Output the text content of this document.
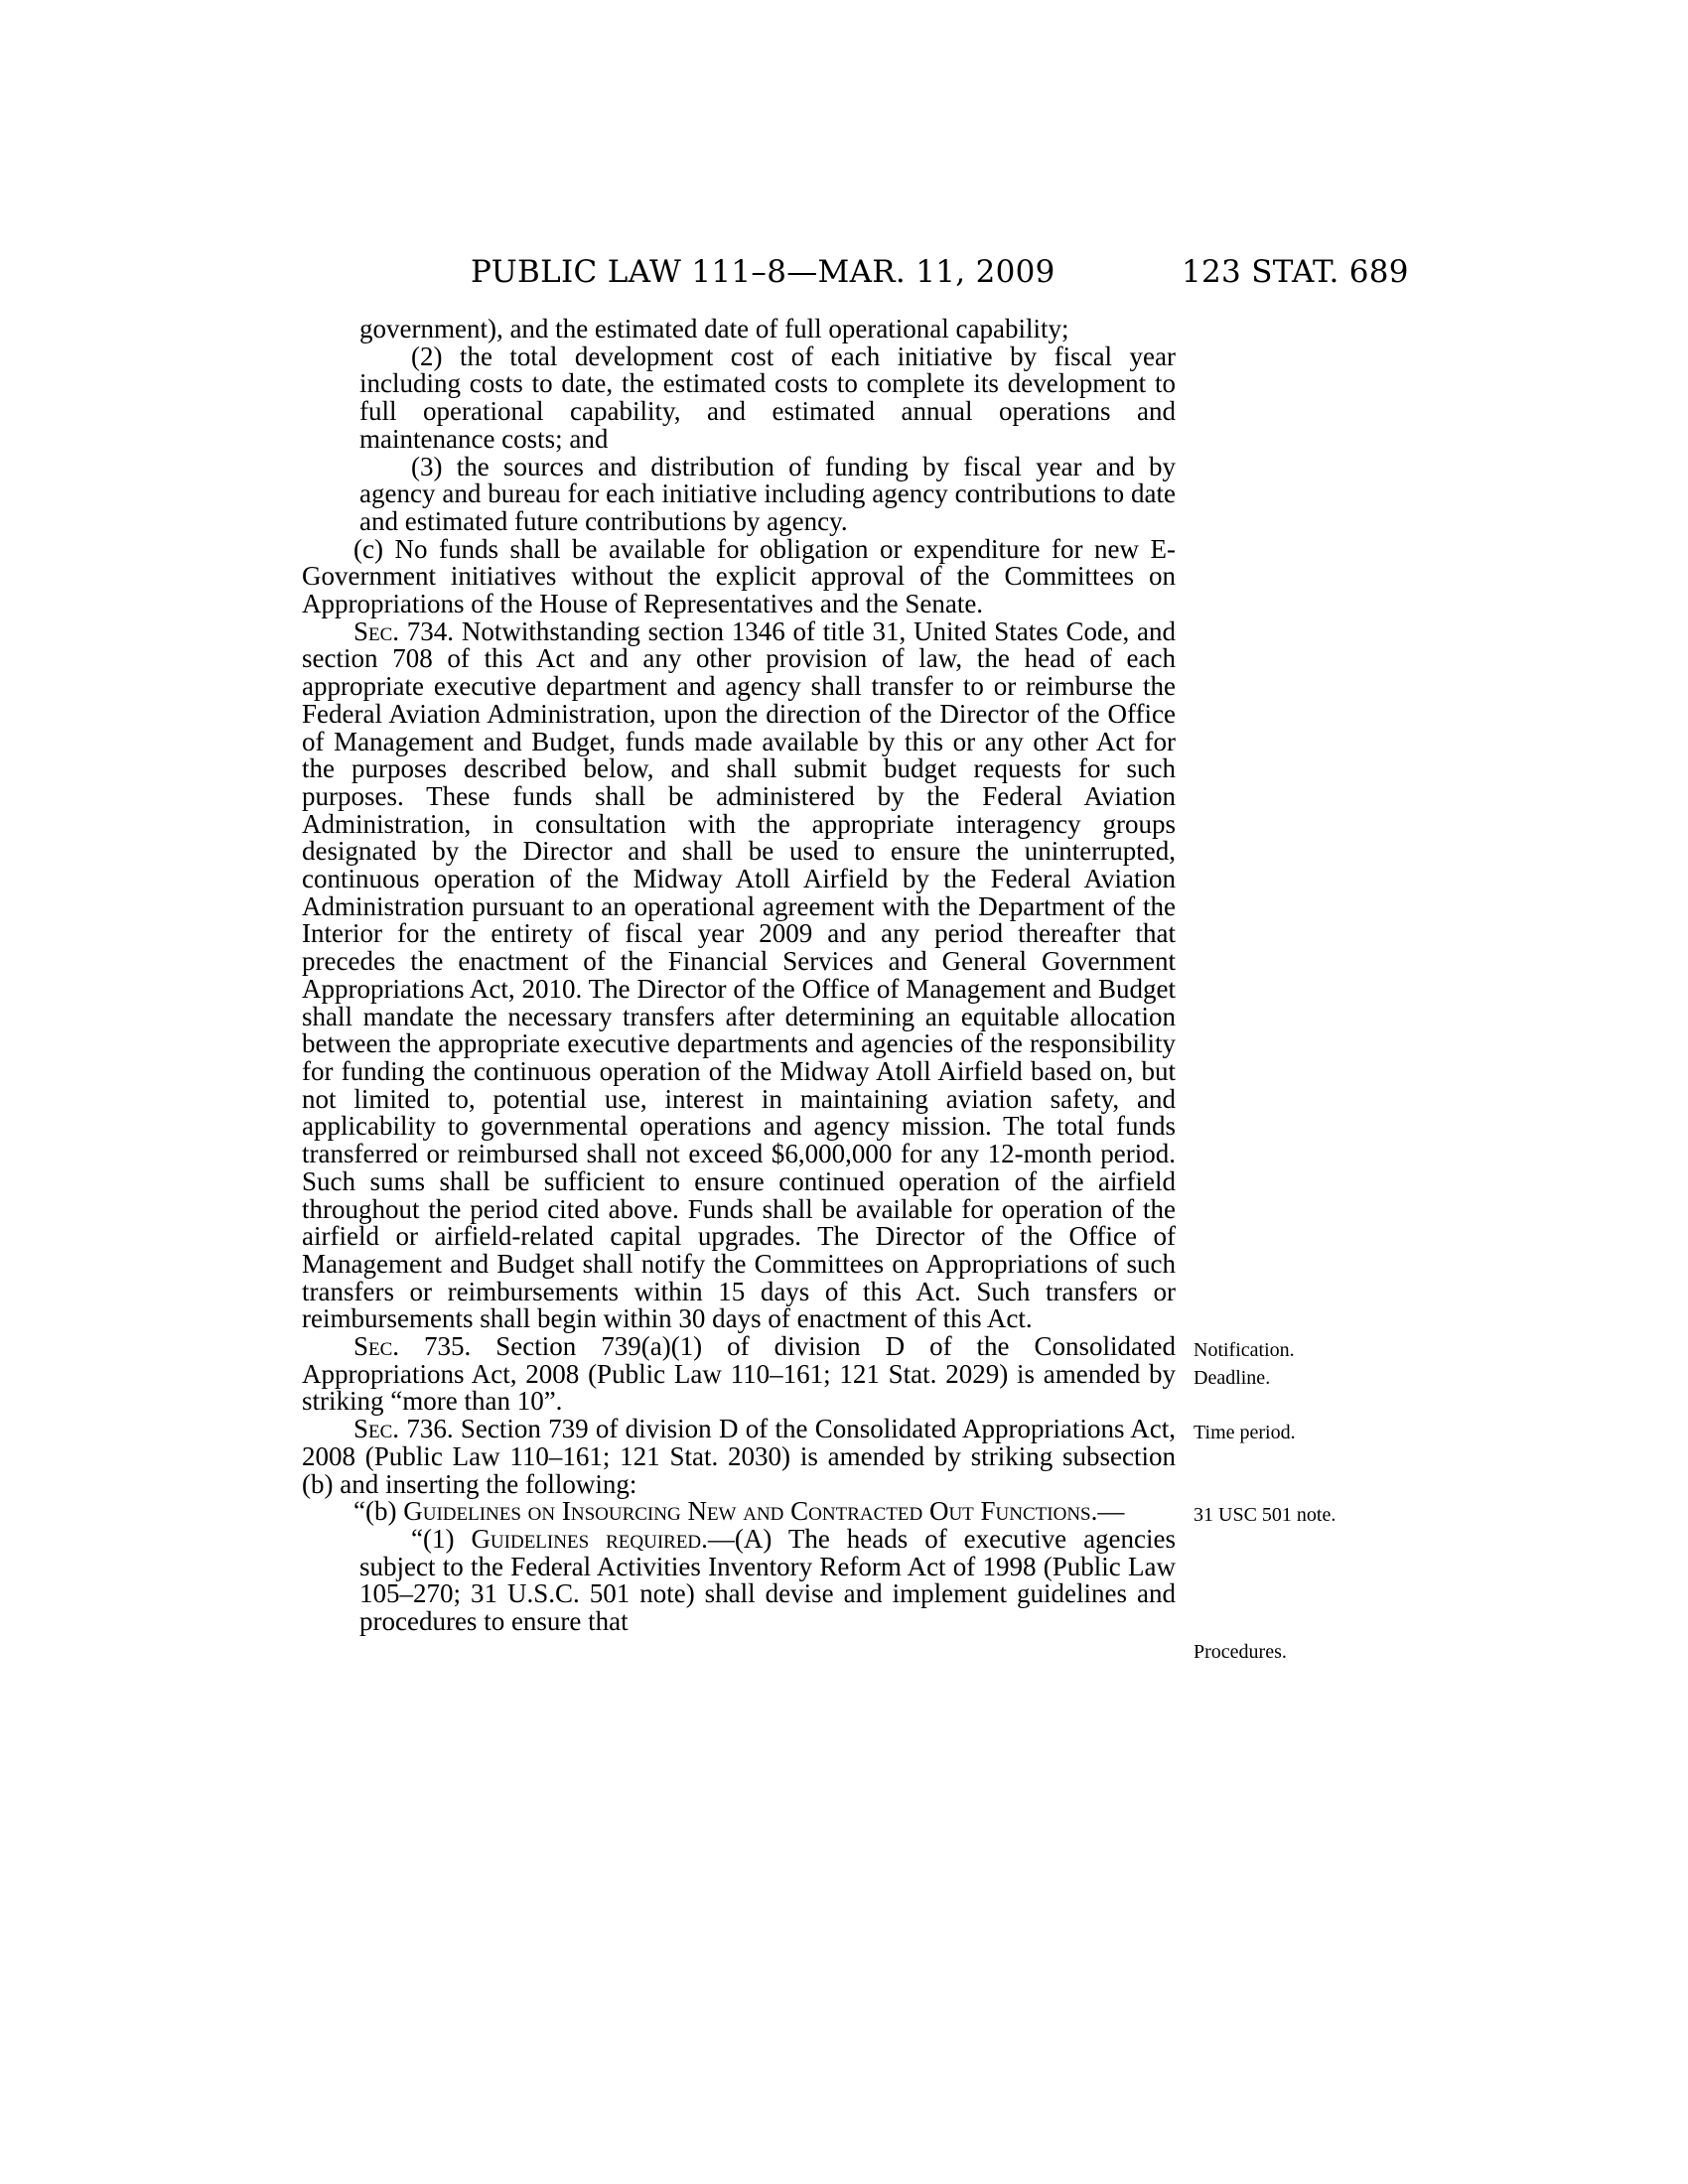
PUBLIC LAW 111–8—MAR. 11, 2009	123 STAT. 689

government), and the estimated date of full operational capability;

(2) the total development cost of each initiative by fiscal year including costs to date, the estimated costs to complete its development to full operational capability, and estimated annual operations and maintenance costs; and

(3) the sources and distribution of funding by fiscal year and by agency and bureau for each initiative including agency contributions to date and estimated future contributions by agency.

(c) No funds shall be available for obligation or expenditure for new E-Government initiatives without the explicit approval of the Committees on Appropriations of the House of Representatives and the Senate.

Sec. 734. Notwithstanding section 1346 of title 31, United States Code, and section 708 of this Act and any other provision of law, the head of each appropriate executive department and agency shall transfer to or reimburse the Federal Aviation Administration, upon the direction of the Director of the Office of Management and Budget, funds made available by this or any other Act for the purposes described below, and shall submit budget requests for such purposes. These funds shall be administered by the Federal Aviation Administration, in consultation with the appropriate interagency groups designated by the Director and shall be used to ensure the uninterrupted, continuous operation of the Midway Atoll Airfield by the Federal Aviation Administration pursuant to an operational agreement with the Department of the Interior for the entirety of fiscal year 2009 and any period thereafter that precedes the enactment of the Financial Services and General Government Appropriations Act, 2010. The Director of the Office of Management and Budget shall mandate the necessary transfers after determining an equitable allocation between the appropriate executive departments and agencies of the responsibility for funding the continuous operation of the Midway Atoll Airfield based on, but not limited to, potential use, interest in maintaining aviation safety, and applicability to governmental operations and agency mission. The total funds transferred or reimbursed shall not exceed $6,000,000 for any 12-month period. Such sums shall be sufficient to ensure continued operation of the airfield throughout the period cited above. Funds shall be available for operation of the airfield or airfield-related capital upgrades. The Director of the Office of Management and Budget shall notify the Committees on Appropriations of such transfers or reimbursements within 15 days of this Act. Such transfers or reimbursements shall begin within 30 days of enactment of this Act.

Sec. 735. Section 739(a)(1) of division D of the Consolidated Appropriations Act, 2008 (Public Law 110–161; 121 Stat. 2029) is amended by striking “more than 10”.

Sec. 736. Section 739 of division D of the Consolidated Appropriations Act, 2008 (Public Law 110–161; 121 Stat. 2030) is amended by striking subsection (b) and inserting the following:

“(b) Guidelines on Insourcing New and Contracted Out Functions.—

“(1) Guidelines required.—(A) The heads of executive agencies subject to the Federal Activities Inventory Reform Act of 1998 (Public Law 105–270; 31 U.S.C. 501 note) shall devise and implement guidelines and procedures to ensure that

Notification.
Deadline.
Time period.
31 USC 501 note.
Procedures.
